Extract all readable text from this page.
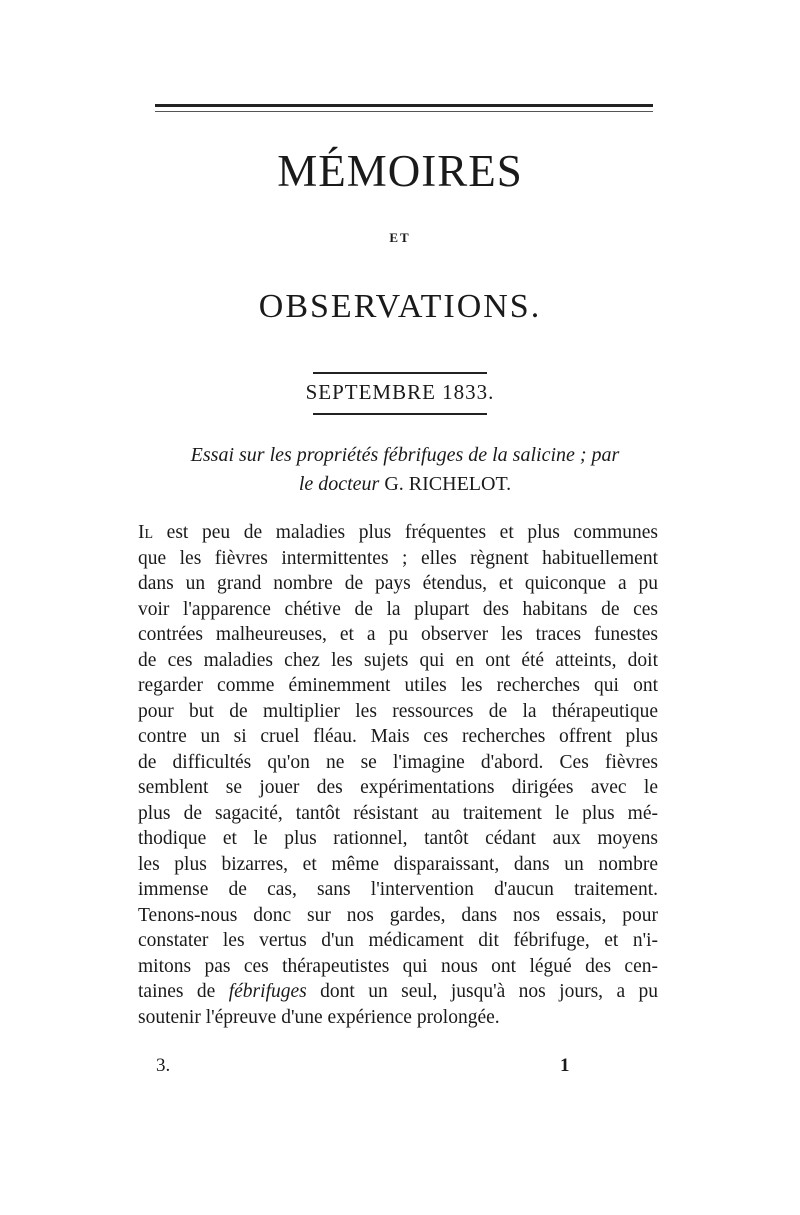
MÉMOIRES
ET
OBSERVATIONS.
SEPTEMBRE 1833.
Essai sur les propriétés fébrifuges de la salicine ; par
le docteur G. RICHELOT.
Il est peu de maladies plus fréquentes et plus communes
que les fièvres intermittentes ; elles règnent habituellement
dans un grand nombre de pays étendus, et quiconque a pu
voir l'apparence chétive de la plupart des habitans de ces
contrées malheureuses, et a pu observer les traces funestes
de ces maladies chez les sujets qui en ont été atteints, doit
regarder comme éminemment utiles les recherches qui ont
pour but de multiplier les ressources de la thérapeutique
contre un si cruel fléau. Mais ces recherches offrent plus
de difficultés qu'on ne se l'imagine d'abord. Ces fièvres
semblent se jouer des expérimentations dirigées avec le
plus de sagacité, tantôt résistant au traitement le plus mé-
thodique et le plus rationnel, tantôt cédant aux moyens
les plus bizarres, et même disparaissant, dans un nombre
immense de cas, sans l'intervention d'aucun traitement.
Tenons-nous donc sur nos gardes, dans nos essais, pour
constater les vertus d'un médicament dit fébrifuge, et n'i-
mitons pas ces thérapeutistes qui nous ont légué des cen-
taines de fébrifuges dont un seul, jusqu'à nos jours, a pu
soutenir l'épreuve d'une expérience prolongée.
3.	1
